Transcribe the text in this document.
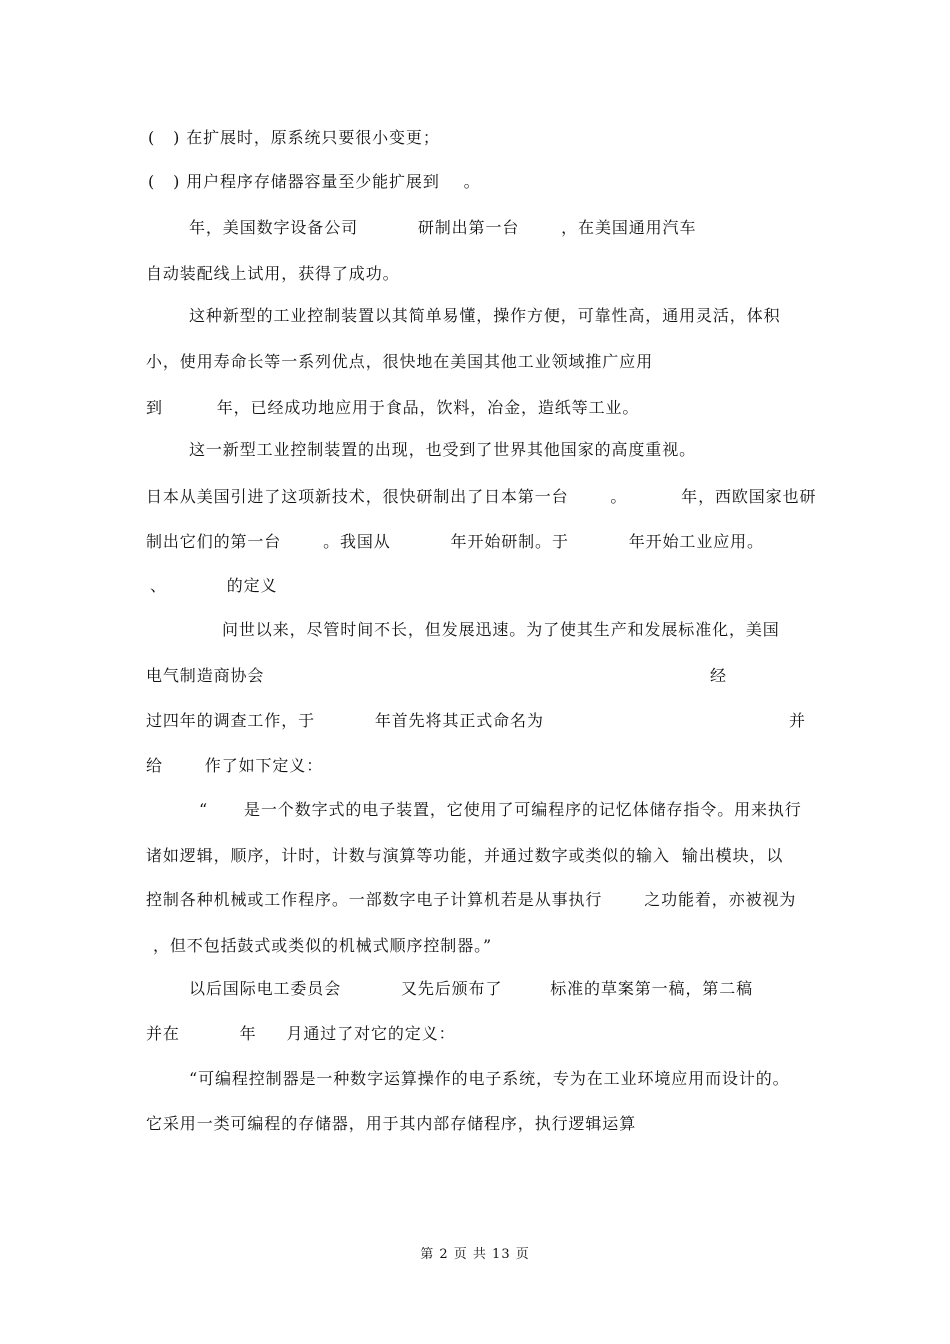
(   ) 在扩展时，原系统只要很小变更；
(   ) 用户程序存储器容量至少能扩展到    。
年，美国数字设备公司          研制出第一台       ，在美国通用汽车
自动装配线上试用，获得了成功。
这种新型的工业控制装置以其简单易懂，操作方便，可靠性高，通用灵活，体积
小，使用寿命长等一系列优点，很快地在美国其他工业领域推广应用
到         年，已经成功地应用于食品，饮料，冶金，造纸等工业。
这一新型工业控制装置的出现，也受到了世界其他国家的高度重视。
日本从美国引进了这项新技术，很快研制出了日本第一台       。         年，西欧国家也研
制出它们的第一台       。我国从          年开始研制。于          年开始工业应用。
、          的定义
问世以来，尽管时间不长，但发展迅速。为了使其生产和发展标准化，美国
电气制造商协会	经
过四年的调查工作，于          年首先将其正式命名为	并
给       作了如下定义：
“      是一个数字式的电子装置，它使用了可编程序的记忆体储存指令。用来执行
诸如逻辑，顺序，计时，计数与演算等功能，并通过数字或类似的输入  输出模块，以
控制各种机械或工作程序。一部数字电子计算机若是从事执行       之功能着，亦被视为
，但不包括鼓式或类似的机械式顺序控制器。”
以后国际电工委员会          又先后颁布了        标准的草案第一稿，第二稿
并在          年     月通过了对它的定义：
“可编程控制器是一种数字运算操作的电子系统，专为在工业环境应用而设计的。
它采用一类可编程的存储器，用于其内部存储程序，执行逻辑运算
第 2 页 共 13 页
